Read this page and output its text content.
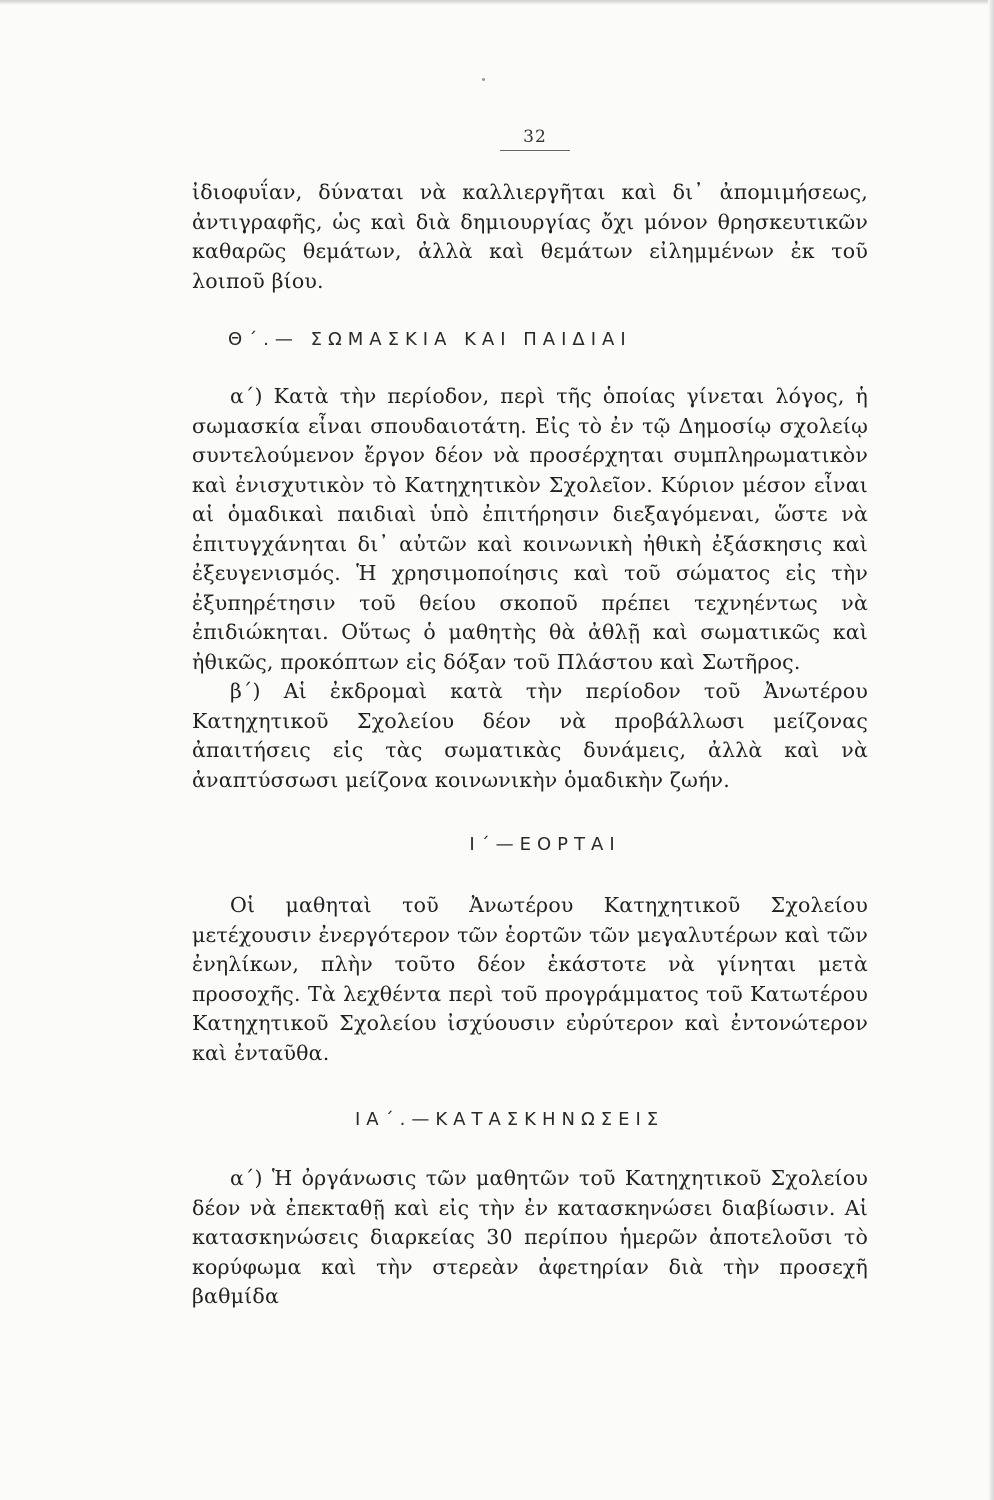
32

ἰδιοφυΐαν, δύναται νὰ καλλιεργῆται καὶ δι᾿ ἀπομιμήσεως, ἀντιγραφῆς, ὡς καὶ διὰ δημιουργίας ὄχι μόνον θρησκευτικῶν καθαρῶς θεμάτων, ἀλλὰ καὶ θεμάτων εἰλημμένων ἐκ τοῦ λοιποῦ βίου.

Θ΄.— ΣΩΜΑΣΚΙΑ ΚΑΙ ΠΑΙΔΙΑΙ

α΄) Κατὰ τὴν περίοδον, περὶ τῆς ὁποίας γίνεται λόγος, ἡ σωμασκία εἶναι σπουδαιοτάτη. Εἰς τὸ ἐν τῷ Δημοσίῳ σχολείῳ συντελούμενον ἔργον δέον νὰ προσέρχηται συμπληρωματικὸν καὶ ἐνισχυτικὸν τὸ Κατηχητικὸν Σχολεῖον. Κύριον μέσον εἶναι αἱ ὁμαδικαὶ παιδιαὶ ὑπὸ ἐπιτήρησιν διεξαγόμεναι, ὥστε νὰ ἐπιτυγχάνηται δι᾿ αὐτῶν καὶ κοινωνικὴ ἠθικὴ ἐξάσκησις καὶ ἐξευγενισμός. Ἡ χρησιμοποίησις καὶ τοῦ σώματος εἰς τὴν ἐξυπηρέτησιν τοῦ θείου σκοποῦ πρέπει τεχνηέντως νὰ ἐπιδιώκηται. Οὕτως ὁ μαθητὴς θὰ ἀθλῇ καὶ σωματικῶς καὶ ἠθικῶς, προκόπτων εἰς δόξαν τοῦ Πλάστου καὶ Σωτῆρος.

β΄) Αἱ ἐκδρομαὶ κατὰ τὴν περίοδον τοῦ Ἀνωτέρου Κατηχητικοῦ Σχολείου δέον νὰ προβάλλωσι μείζονας ἀπαιτήσεις εἰς τὰς σωματικὰς δυνάμεις, ἀλλὰ καὶ νὰ ἀναπτύσσωσι μείζονα κοινωνικὴν ὁμαδικὴν ζωήν.

Ι΄—ΕΟΡΤΑΙ

Οἱ μαθηταὶ τοῦ Ἀνωτέρου Κατηχητικοῦ Σχολείου μετέχουσιν ἐνεργότερον τῶν ἑορτῶν τῶν μεγαλυτέρων καὶ τῶν ἐνηλίκων, πλὴν τοῦτο δέον ἑκάστοτε νὰ γίνηται μετὰ προσοχῆς. Τὰ λεχθέντα περὶ τοῦ προγράμματος τοῦ Κατωτέρου Κατηχητικοῦ Σχολείου ἰσχύουσιν εὐρύτερον καὶ ἐντονώτερον καὶ ἐνταῦθα.

ΙΑ΄.—ΚΑΤΑΣΚΗΝΩΣΕΙΣ

α΄) Ἡ ὀργάνωσις τῶν μαθητῶν τοῦ Κατηχητικοῦ Σχολείου δέον νὰ ἐπεκταθῇ καὶ εἰς τὴν ἐν κατασκηνώσει διαβίωσιν. Αἱ κατασκηνώσεις διαρκείας 30 περίπου ἡμερῶν ἀποτελοῦσι τὸ κορύφωμα καὶ τὴν στερεὰν ἀφετηρίαν διὰ τὴν προσεχῆ βαθμίδα
